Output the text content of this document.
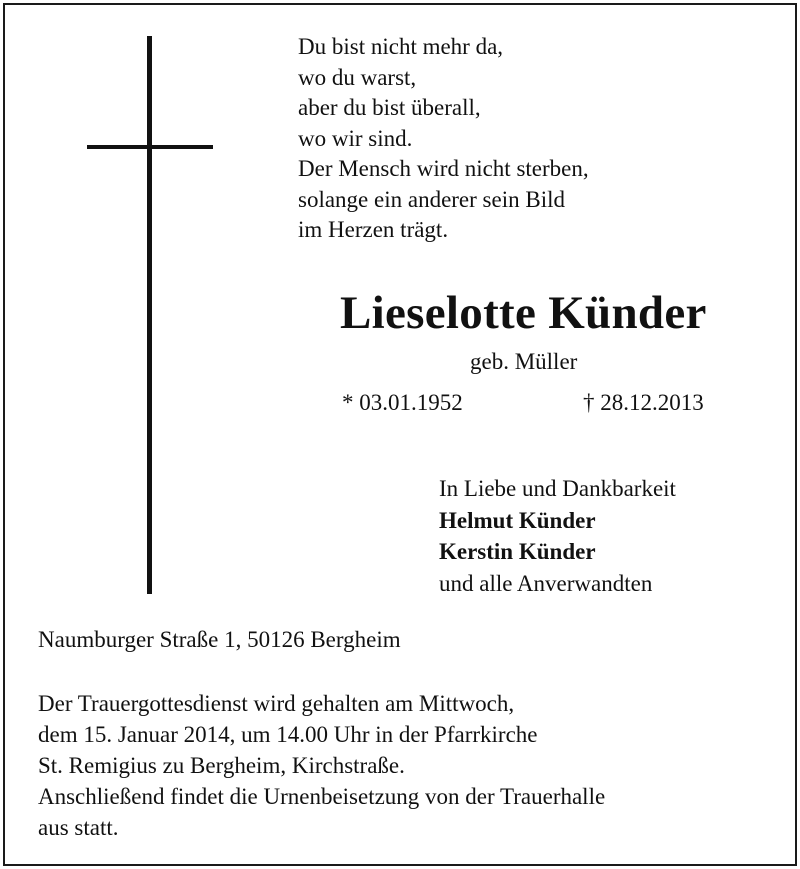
Du bist nicht mehr da,
wo du warst,
aber du bist überall,
wo wir sind.
Der Mensch wird nicht sterben,
solange ein anderer sein Bild
im Herzen trägt.
Lieselotte Künder
geb. Müller
* 03.01.1952	† 28.12.2013
In Liebe und Dankbarkeit
Helmut Künder
Kerstin Künder
und alle Anverwandten
Naumburger Straße 1, 50126 Bergheim
Der Trauergottesdienst wird gehalten am Mittwoch,
dem 15. Januar 2014, um 14.00 Uhr in der Pfarrkirche
St. Remigius zu Bergheim, Kirchstraße.
Anschließend findet die Urnenbeisetzung von der Trauerhalle
aus statt.
